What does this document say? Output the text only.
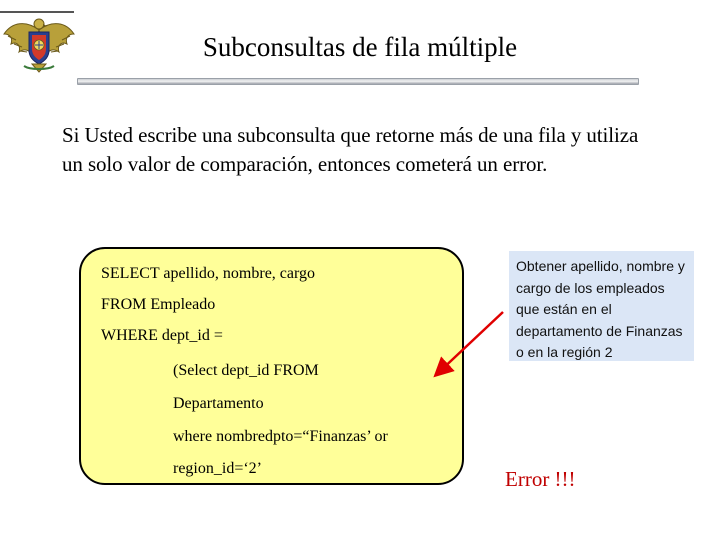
Subconsultas de fila múltiple
Si Usted escribe una subconsulta que retorne más de una fila y utiliza un solo valor de comparación, entonces cometerá un error.
SELECT apellido, nombre, cargo
FROM Empleado
WHERE dept_id =
(Select dept_id FROM
Departamento
where nombredpto=“Finanzas’ or
region_id=‘2’
Obtener apellido, nombre y cargo de los empleados que están en el departamento de Finanzas o en la región 2
Error !!!
